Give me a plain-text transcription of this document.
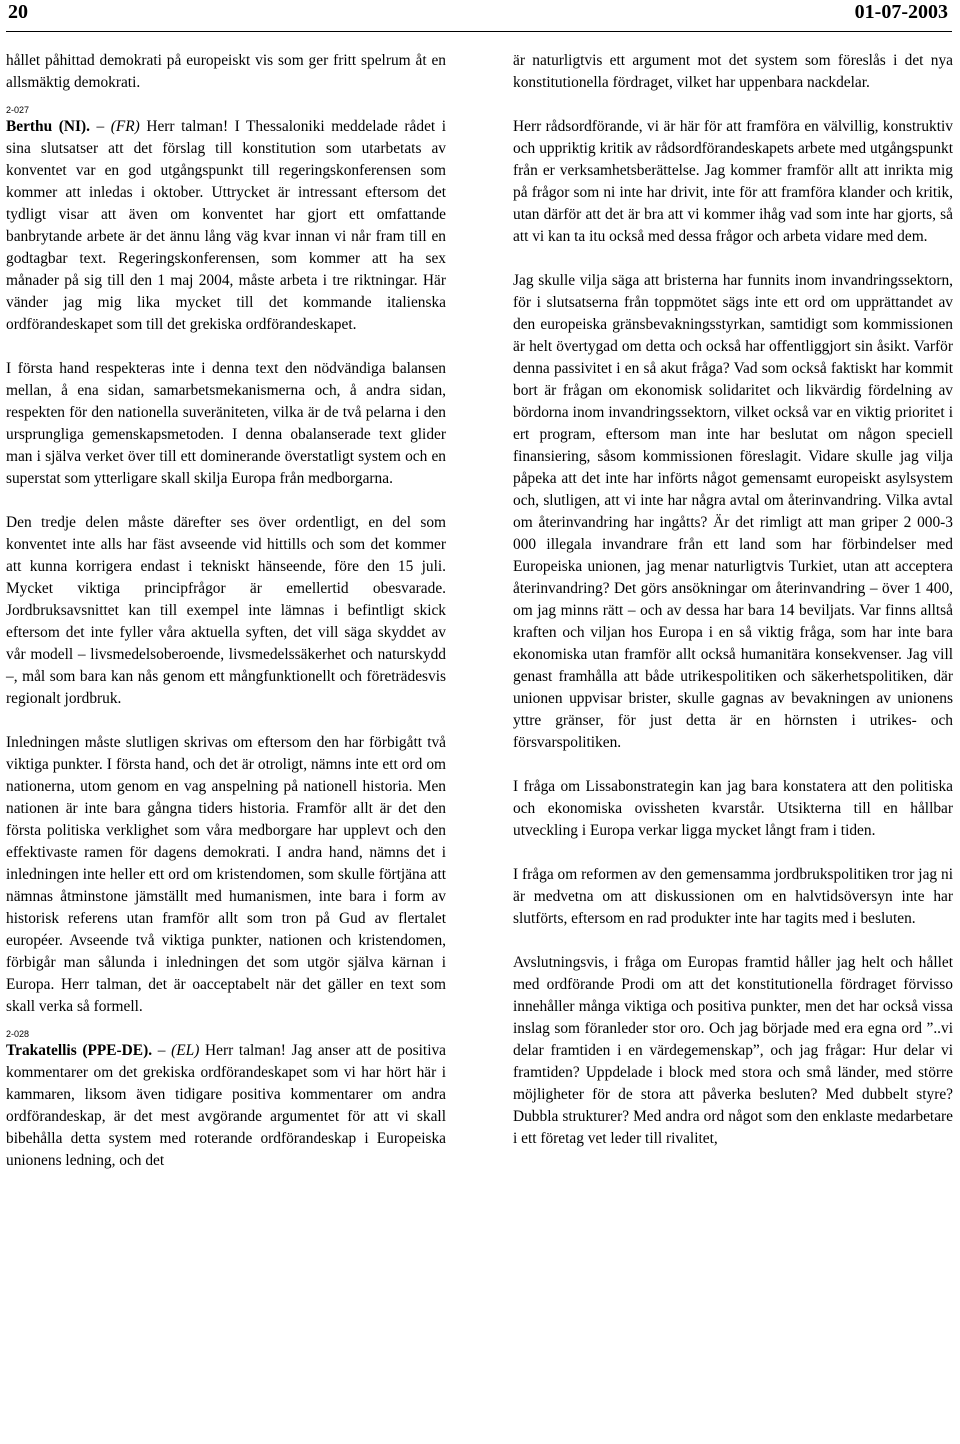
20	01-07-2003

hållet påhittad demokrati på europeiskt vis som ger fritt spelrum åt en allsmäktig demokrati.

2-027

Berthu (NI). – (FR) Herr talman! I Thessaloniki meddelade rådet i sina slutsatser att det förslag till konstitution som utarbetats av konventet var en god utgångspunkt till regeringskonferensen som kommer att inledas i oktober. Uttrycket är intressant eftersom det tydligt visar att även om konventet har gjort ett omfattande banbrytande arbete är det ännu lång väg kvar innan vi når fram till en godtagbar text. Regeringskonferensen, som kommer att ha sex månader på sig till den 1 maj 2004, måste arbeta i tre riktningar. Här vänder jag mig lika mycket till det kommande italienska ordförandeskapet som till det grekiska ordförandeskapet.

I första hand respekteras inte i denna text den nödvändiga balansen mellan, å ena sidan, samarbetsmekanismerna och, å andra sidan, respekten för den nationella suveräniteten, vilka är de två pelarna i den ursprungliga gemenskapsmetoden. I denna obalanserade text glider man i själva verket över till ett dominerande överstatligt system och en superstat som ytterligare skall skilja Europa från medborgarna.

Den tredje delen måste därefter ses över ordentligt, en del som konventet inte alls har fäst avseende vid hittills och som det kommer att kunna korrigera endast i tekniskt hänseende, före den 15 juli. Mycket viktiga principfrågor är emellertid obesvarade. Jordbruksavsnittet kan till exempel inte lämnas i befintligt skick eftersom det inte fyller våra aktuella syften, det vill säga skyddet av vår modell – livsmedelsoberoende, livsmedelssäkerhet och naturskydd –, mål som bara kan nås genom ett mångfunktionellt och företrädesvis regionalt jordbruk.

Inledningen måste slutligen skrivas om eftersom den har förbigått två viktiga punkter. I första hand, och det är otroligt, nämns inte ett ord om nationerna, utom genom en vag anspelning på nationell historia. Men nationen är inte bara gångna tiders historia. Framför allt är det den första politiska verklighet som våra medborgare har upplevt och den effektivaste ramen för dagens demokrati. I andra hand, nämns det i inledningen inte heller ett ord om kristendomen, som skulle förtjäna att nämnas åtminstone jämställt med humanismen, inte bara i form av historisk referens utan framför allt som tron på Gud av flertalet européer. Avseende två viktiga punkter, nationen och kristendomen, förbigår man sålunda i inledningen det som utgör själva kärnan i Europa. Herr talman, det är oacceptabelt när det gäller en text som skall verka så formell.

2-028

Trakatellis (PPE-DE). – (EL) Herr talman! Jag anser att de positiva kommentarer om det grekiska ordförandeskapet som vi har hört här i kammaren, liksom även tidigare positiva kommentarer om andra ordförandeskap, är det mest avgörande argumentet för att vi skall bibehålla detta system med roterande ordförandeskap i Europeiska unionens ledning, och det

är naturligtvis ett argument mot det system som föreslås i det nya konstitutionella fördraget, vilket har uppenbara nackdelar.

Herr rådsordförande, vi är här för att framföra en välvillig, konstruktiv och uppriktig kritik av rådsordförandeskapets arbete med utgångspunkt från er verksamhetsberättelse. Jag kommer framför allt att inrikta mig på frågor som ni inte har drivit, inte för att framföra klander och kritik, utan därför att det är bra att vi kommer ihåg vad som inte har gjorts, så att vi kan ta itu också med dessa frågor och arbeta vidare med dem.

Jag skulle vilja säga att bristerna har funnits inom invandringssektorn, för i slutsatserna från toppmötet sägs inte ett ord om upprättandet av den europeiska gränsbevakningsstyrkan, samtidigt som kommissionen är helt övertygad om detta och också har offentliggjort sin åsikt. Varför denna passivitet i en så akut fråga? Vad som också faktiskt har kommit bort är frågan om ekonomisk solidaritet och likvärdig fördelning av bördorna inom invandringssektorn, vilket också var en viktig prioritet i ert program, eftersom man inte har beslutat om någon speciell finansiering, såsom kommissionen föreslagit. Vidare skulle jag vilja påpeka att det inte har införts något gemensamt europeiskt asylsystem och, slutligen, att vi inte har några avtal om återinvandring. Vilka avtal om återinvandring har ingåtts? Är det rimligt att man griper 2 000-3 000 illegala invandrare från ett land som har förbindelser med Europeiska unionen, jag menar naturligtvis Turkiet, utan att acceptera återinvandring? Det görs ansökningar om återinvandring – över 1 400, om jag minns rätt – och av dessa har bara 14 beviljats. Var finns alltså kraften och viljan hos Europa i en så viktig fråga, som har inte bara ekonomiska utan framför allt också humanitära konsekvenser. Jag vill genast framhålla att både utrikespolitiken och säkerhetspolitiken, där unionen uppvisar brister, skulle gagnas av bevakningen av unionens yttre gränser, för just detta är en hörnsten i utrikes- och försvarspolitiken.

I fråga om Lissabonstrategin kan jag bara konstatera att den politiska och ekonomiska ovissheten kvarstår. Utsikterna till en hållbar utveckling i Europa verkar ligga mycket långt fram i tiden.

I fråga om reformen av den gemensamma jordbrukspolitiken tror jag ni är medvetna om att diskussionen om en halvtidsöversyn inte har slutförts, eftersom en rad produkter inte har tagits med i besluten.

Avslutningsvis, i fråga om Europas framtid håller jag helt och hållet med ordförande Prodi om att det konstitutionella fördraget förvisso innehåller många viktiga och positiva punkter, men det har också vissa inslag som föranleder stor oro. Och jag började med era egna ord ”..vi delar framtiden i en värdegemenskap”, och jag frågar: Hur delar vi framtiden? Uppdelade i block med stora och små länder, med större möjligheter för de stora att påverka besluten? Med dubbelt styre? Dubbla strukturer? Med andra ord något som den enklaste medarbetare i ett företag vet leder till rivalitet,
